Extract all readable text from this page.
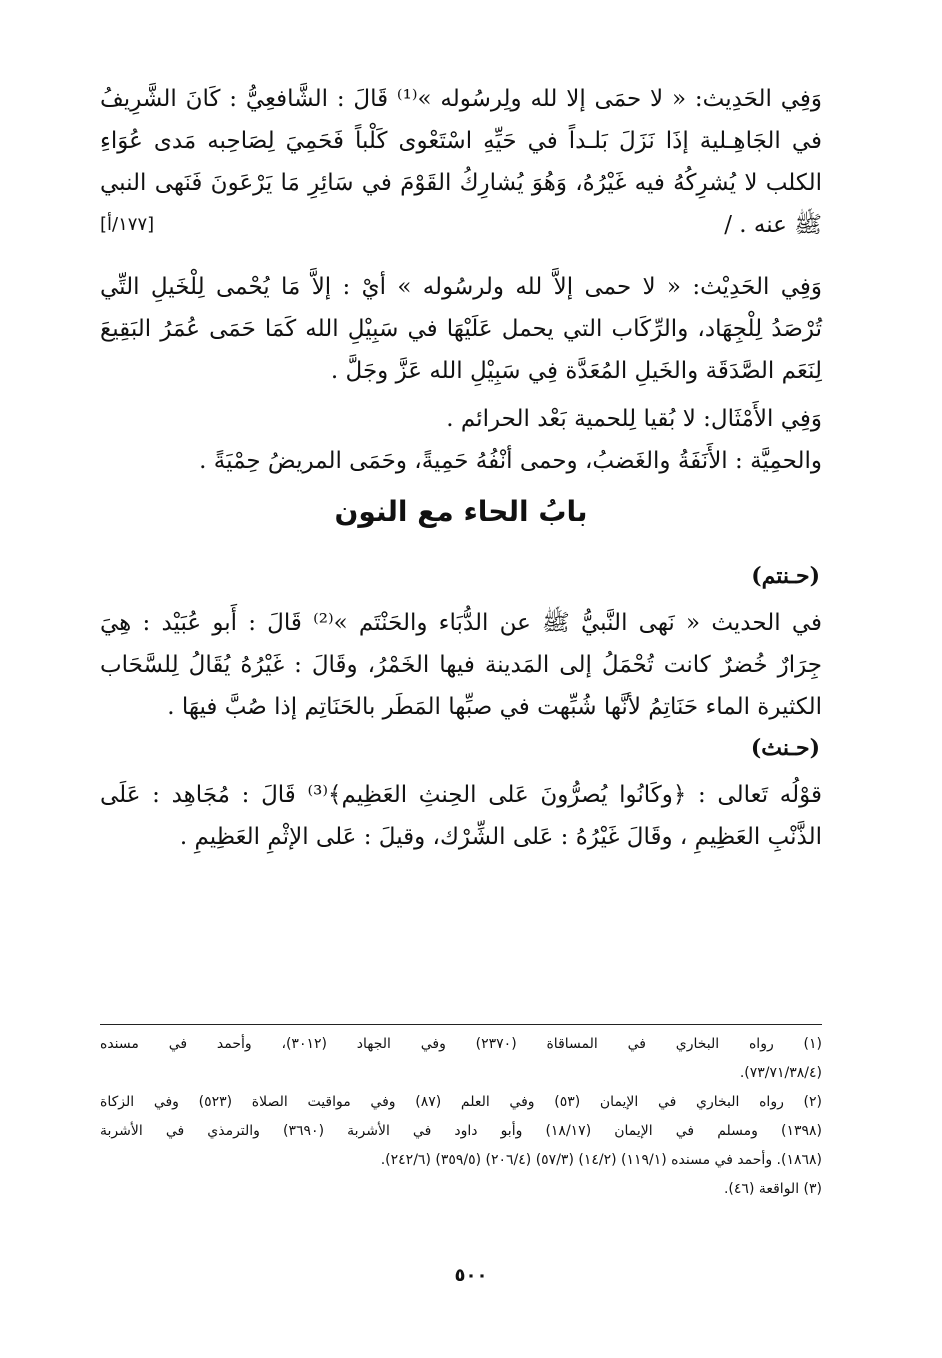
وَفِي الحَدِيث: « لا حمَى إلا لله ولِرسُوله »⁽¹⁾ قَالَ : الشَّافعِيُّ : كَانَ الشَّرِيفُ
في الجَاهِـلية إذَا نَزَلَ بَلـداً في حَيِّهِ اسْتَعْوى كَلْباً فَحَمِيَ لِصَاحِبه مَدى عُوَاءِ
الكلب لا يُشرِكُهُ فيه غَيْرُهُ، وَهُوَ يُشارِكُ القَوْمَ في سَائِرِ مَا يَرْعَونَ فَنَهى النبي
ﷺ عنه . /
[١٧٧/أ]
وَفِي الحَدِيْث: « لا حمى إلاَّ لله ولرسُوله » أيْ : إلاَّ مَا يُحْمى لِلْخَيلِ التِّي
تُرْصَدُ لِلْجِهَاد، والرِّكَاب التي يحمل عَلَيْهَا في سَبِيْلِ الله كَمَا حَمَى عُمَرُ البَقِيعَ
لِنَعَم الصَّدَقَة والخَيلِ المُعَدَّة فِي سَبِيْلِ الله عَزَّ وجَلَّ .
وَفِي الأَمْثَال: لا بُقيا لِلحمية بَعْد الحرائم .
والحمِيَّة : الأَنَفَةُ والغَضبُ، وحمى أنْفُهُ حَمِيةً، وحَمَى المريضُ حِمْيَةً .
بابُ الحاء مع النون
(حـنتم)
في الحديث « نَهى النَّبيُّ ﷺ عن الدُّبَاء والحَنْتَم »⁽²⁾ قَالَ : أَبو عُبَيْد : هِيَ
جِرَارٌ خُضرٌ كانت تُحْمَلُ إلى المَدينة فيها الخَمْرُ، وقَالَ : غَيْرُهُ يُقَالُ لِلسَّحَاب
الكثيرة الماء حَنَاتِمُ لأنَّها شُبِّهت في صبِّها المَطَر بالحَنَاتِم إذا صُبَّ فيهَا .
(حـنث)
قوْلُه تَعالى : ﴿وكَانُوا يُصرُّونَ عَلى الحِنثِ العَظِيم﴾⁽³⁾ قَالَ : مُجَاهِد : عَلَى
الذَّنْبِ العَظِيمِ ، وقَالَ غَيْرُهُ : عَلى الشِّرْك، وقيلَ : عَلى الإثْمِ العَظِيمِ .
(١) رواه البخاري في المساقاة (٢٣٧٠) وفي الجهاد (٣٠١٢)، وأحمد في مسنده
(٧٣/٧١/٣٨/٤).
(٢) رواه البخاري في الإيمان (٥٣) وفي العلم (٨٧) وفي مواقيت الصلاة (٥٢٣) وفي الزكاة
(١٣٩٨) ومسلم في الإيمان (١٨/١٧) وأبو داود في الأشربة (٣٦٩٠) والترمذي في الأشربة
(١٨٦٨). وأحمد في مسنده (١١٩/١) (١٤/٢) (٥٧/٣) (٢٠٦/٤) (٣٥٩/٥) (٢٤٢/٦).
(٣) الواقعة (٤٦).
٥٠٠
